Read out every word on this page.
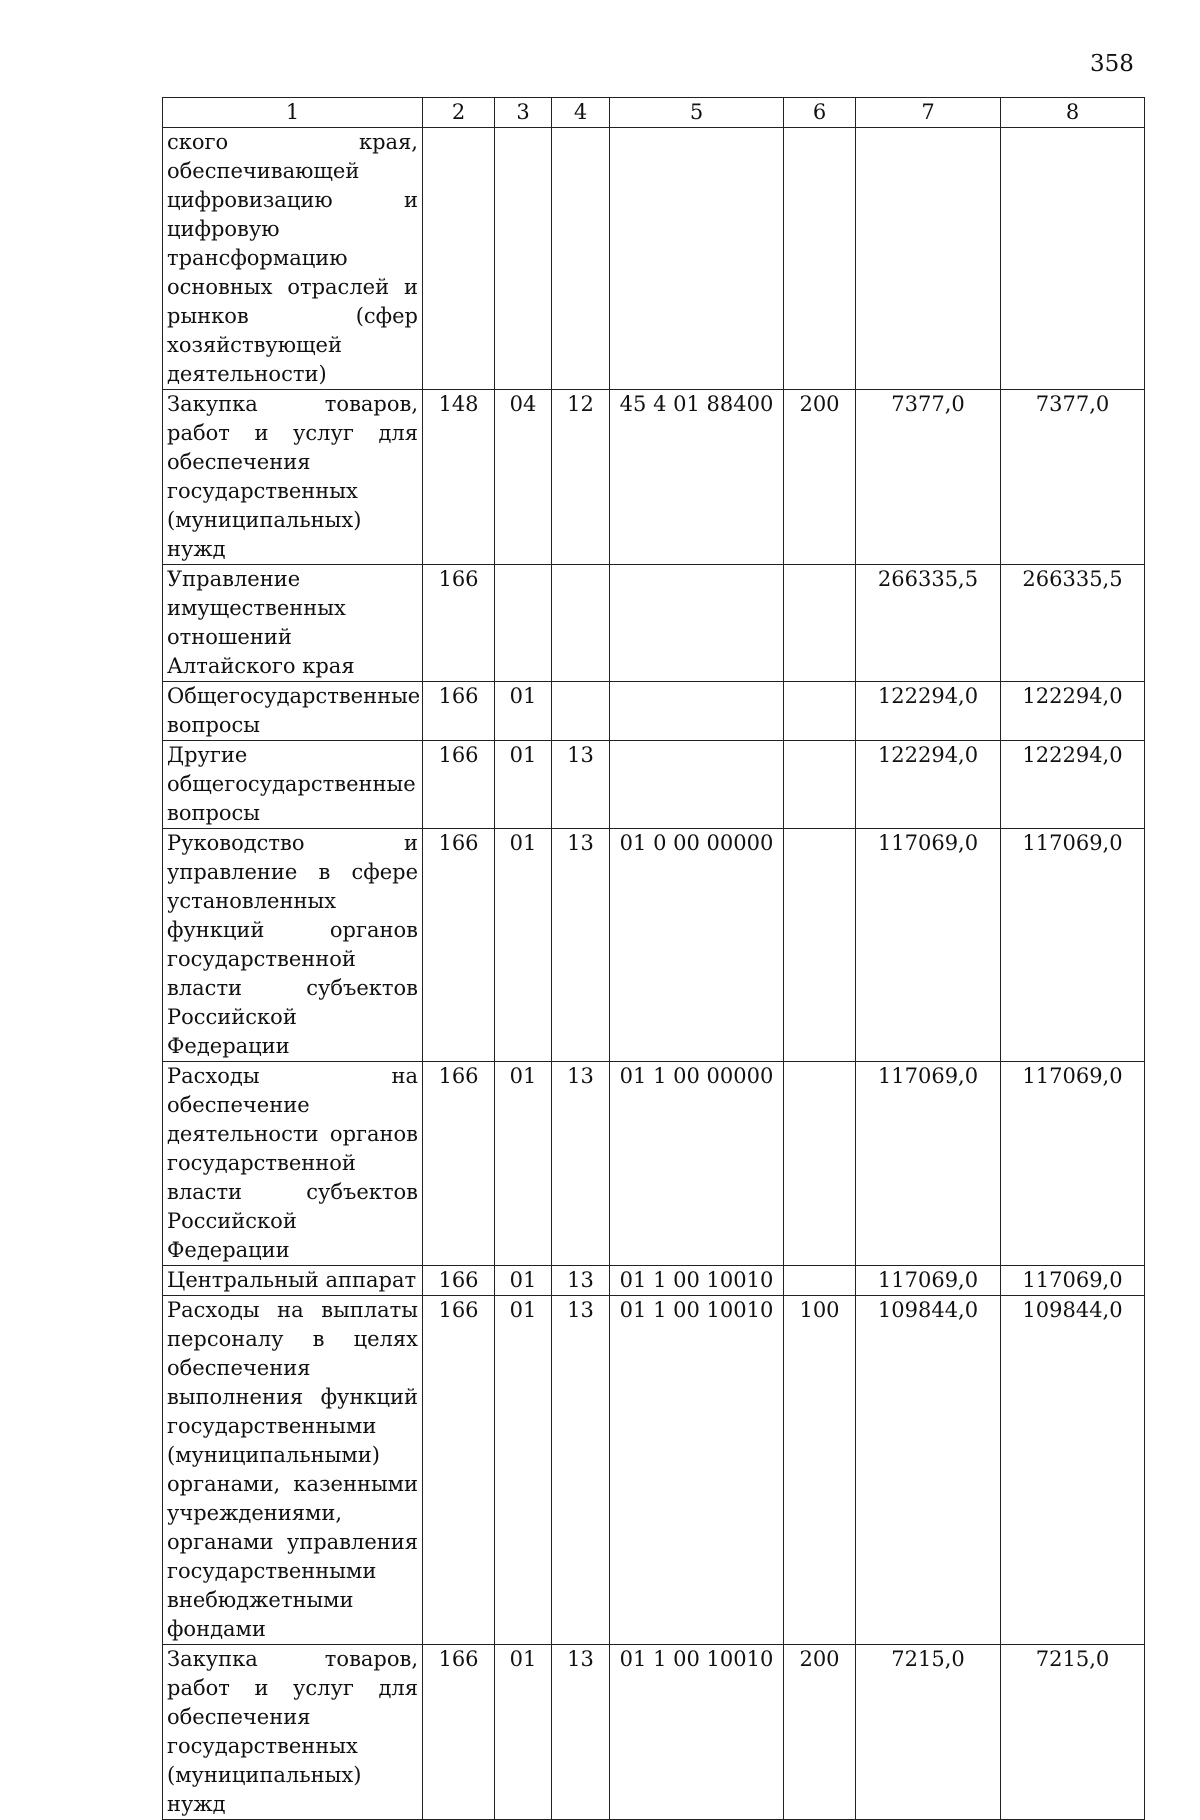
358
1	2	3	4	5	6	7	8
ского края, обеспечивающей цифровизацию и цифровую трансформацию основных отраслей и рынков (сфер хозяйствующей деятельности)							
Закупка товаров, работ и услуг для обеспечения государственных (муниципальных) нужд	148	04	12	45 4 01 88400	200	7377,0	7377,0
Управление имущественных отношений Алтайского края	166					266335,5	266335,5
Общегосударственные вопросы	166	01				122294,0	122294,0
Другие общегосударственные вопросы	166	01	13			122294,0	122294,0
Руководство и управление в сфере установленных функций органов государственной власти субъектов Российской Федерации	166	01	13	01 0 00 00000		117069,0	117069,0
Расходы на обеспечение деятельности органов государственной власти субъектов Российской Федерации	166	01	13	01 1 00 00000		117069,0	117069,0
Центральный аппарат	166	01	13	01 1 00 10010		117069,0	117069,0
Расходы на выплаты персоналу в целях обеспечения выполнения функций государственными (муниципальными) органами, казенными учреждениями, органами управления государственными внебюджетными фондами	166	01	13	01 1 00 10010	100	109844,0	109844,0
Закупка товаров, работ и услуг для обеспечения государственных (муниципальных) нужд	166	01	13	01 1 00 10010	200	7215,0	7215,0
